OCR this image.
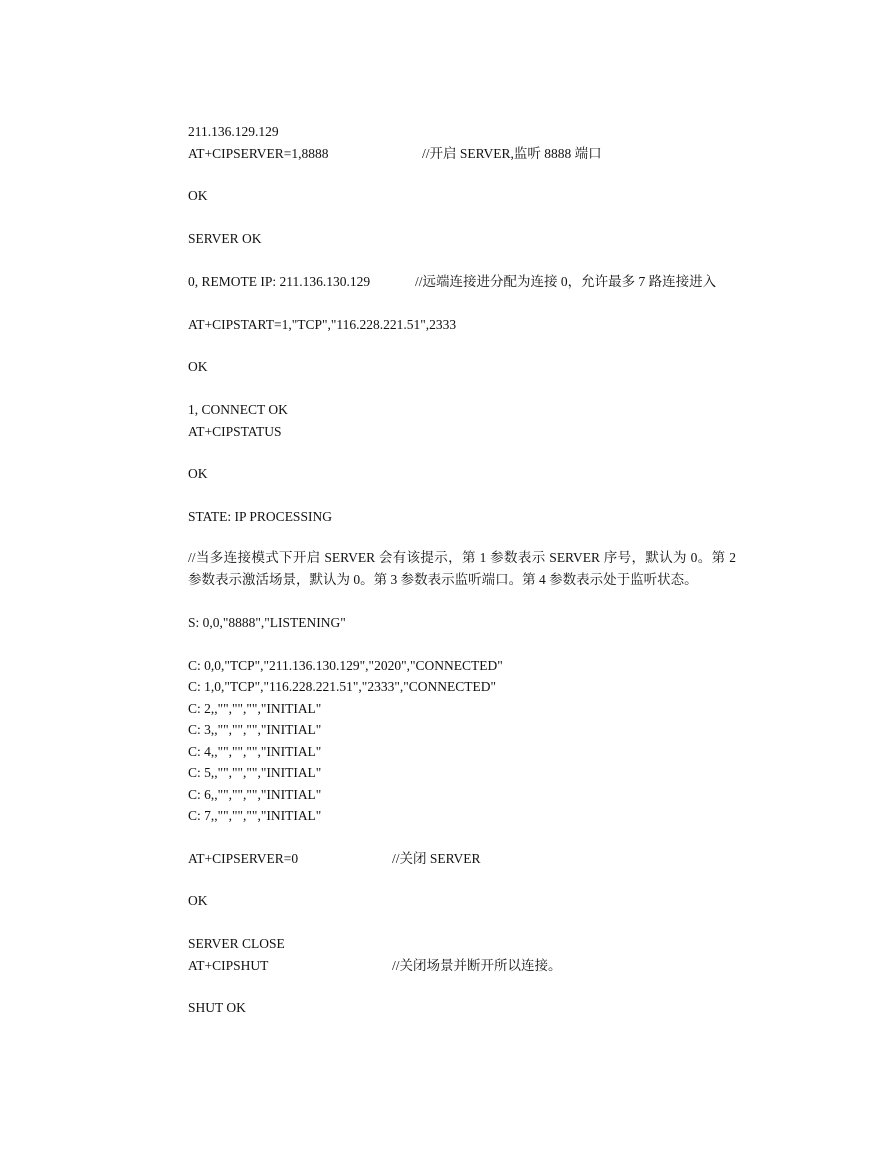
211.136.129.129
AT+CIPSERVER=1,8888	//开启 SERVER,监听 8888 端口
OK
SERVER OK
0, REMOTE IP: 211.136.130.129	//远端连接进分配为连接 0，允许最多 7 路连接进入
AT+CIPSTART=1,"TCP","116.228.221.51",2333
OK
1, CONNECT OK
AT+CIPSTATUS
OK
STATE: IP PROCESSING
//当多连接模式下开启 SERVER 会有该提示，第 1 参数表示 SERVER 序号，默认为 0。第 2 参数表示激活场景，默认为 0。第 3 参数表示监听端口。第 4 参数表示处于监听状态。
S: 0,0,"8888","LISTENING"
C: 0,0,"TCP","211.136.130.129","2020","CONNECTED"
C: 1,0,"TCP","116.228.221.51","2333","CONNECTED"
C: 2,,"","","","INITIAL"
C: 3,,"","","","INITIAL"
C: 4,,"","","","INITIAL"
C: 5,,"","","","INITIAL"
C: 6,,"","","","INITIAL"
C: 7,,"","","","INITIAL"
AT+CIPSERVER=0	//关闭 SERVER
OK
SERVER CLOSE
AT+CIPSHUT	//关闭场景并断开所以连接。
SHUT OK
